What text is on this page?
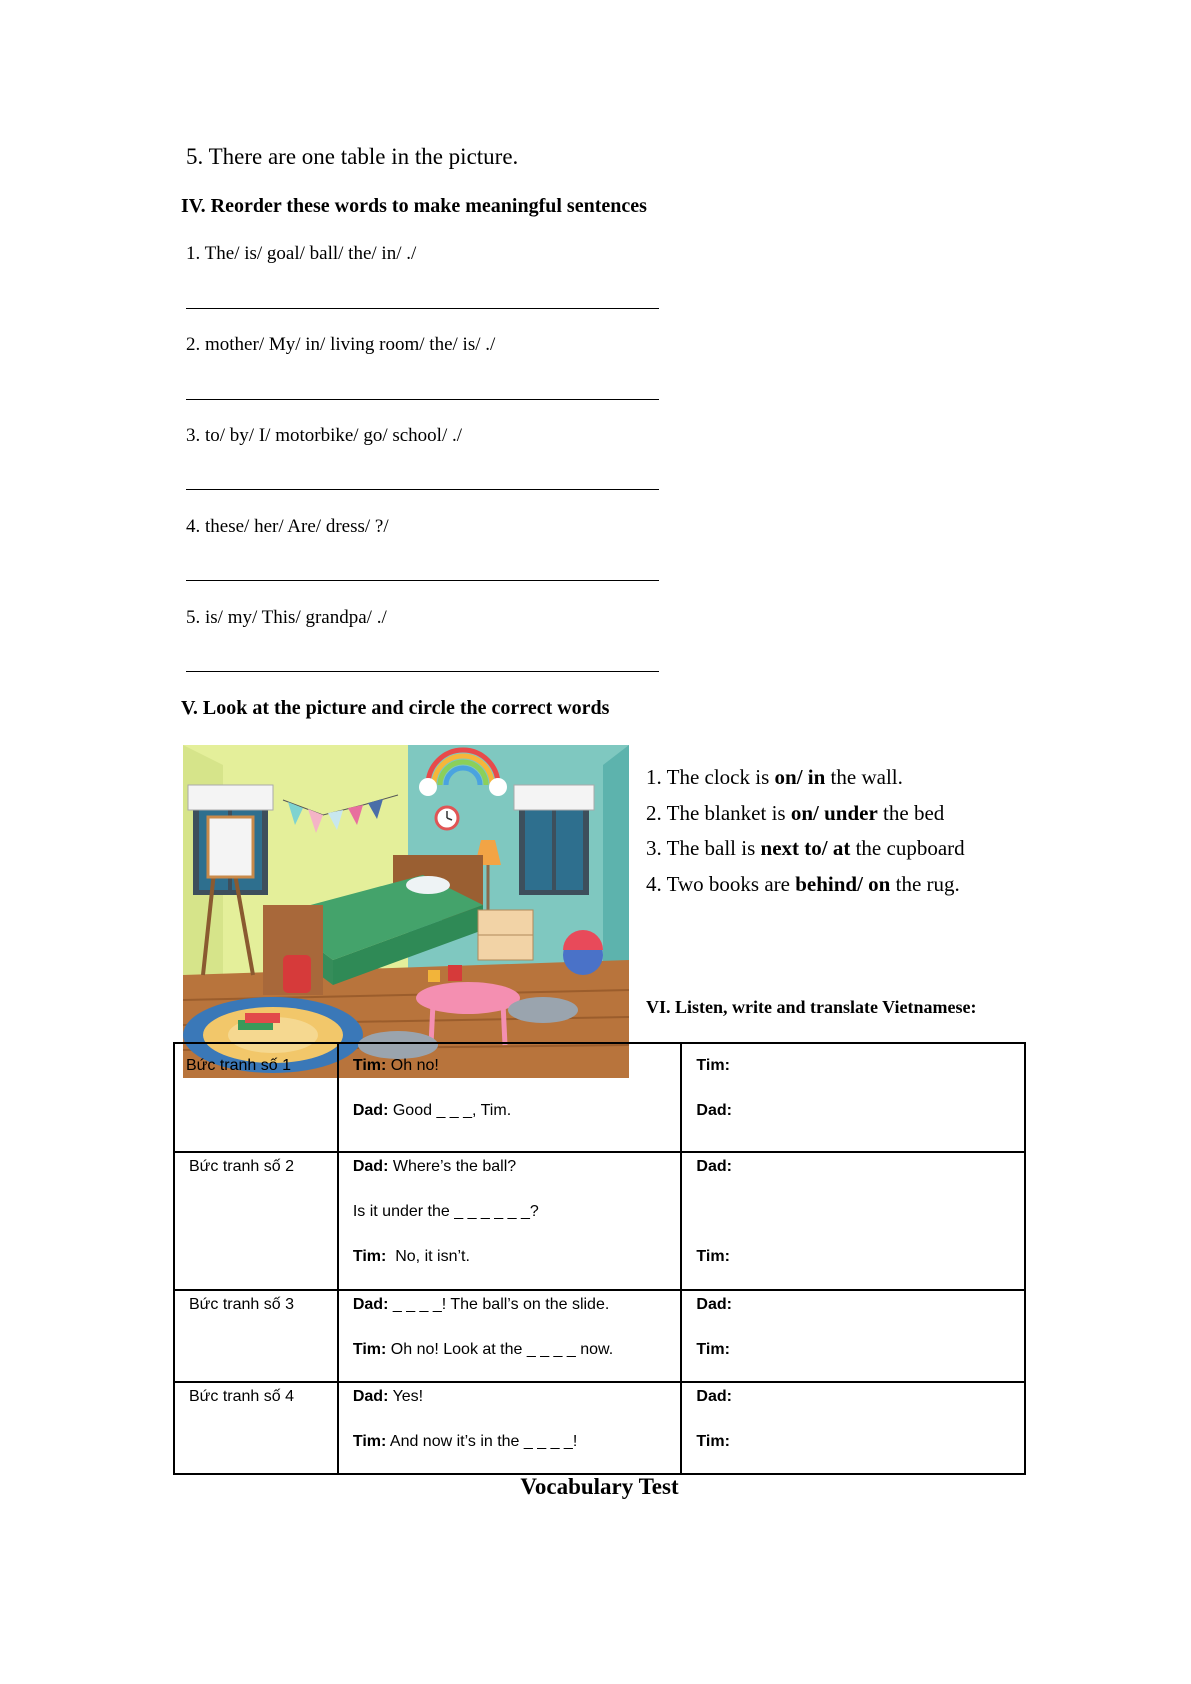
5. There are one table in the picture.
IV. Reorder these words to make meaningful sentences
1. The/ is/ goal/ ball/ the/ in/ ./
2. mother/ My/ in/ living room/ the/ is/ ./
3. to/ by/ I/ motorbike/ go/ school/ ./
4. these/ her/ Are/ dress/ ?/
5. is/ my/ This/ grandpa/ ./
V. Look at the picture and circle the correct words
1. The clock is on/ in the wall.
2. The blanket is on/ under the bed
3. The ball is next to/ at the cupboard
4. Two books are behind/ on the rug.
VI. Listen, write and translate Vietnamese:
Bức tranh số 1	Tim: Oh no!
Dad: Good _ _ _, Tim.	Tim:
Dad:

Bức tranh số 2	Dad: Where’s the ball?
Is it under the _ _ _ _ _ _?
Tim:  No, it isn’t.	Dad:
Tim:

Bức tranh số 3	Dad: _ _ _ _! The ball’s on the slide.
Tim: Oh no! Look at the _ _ _ _ now.	Dad:
Tim:

Bức tranh số 4	Dad: Yes!
Tim: And now it’s in the _ _ _ _!	Dad:
Tim:
Vocabulary Test
